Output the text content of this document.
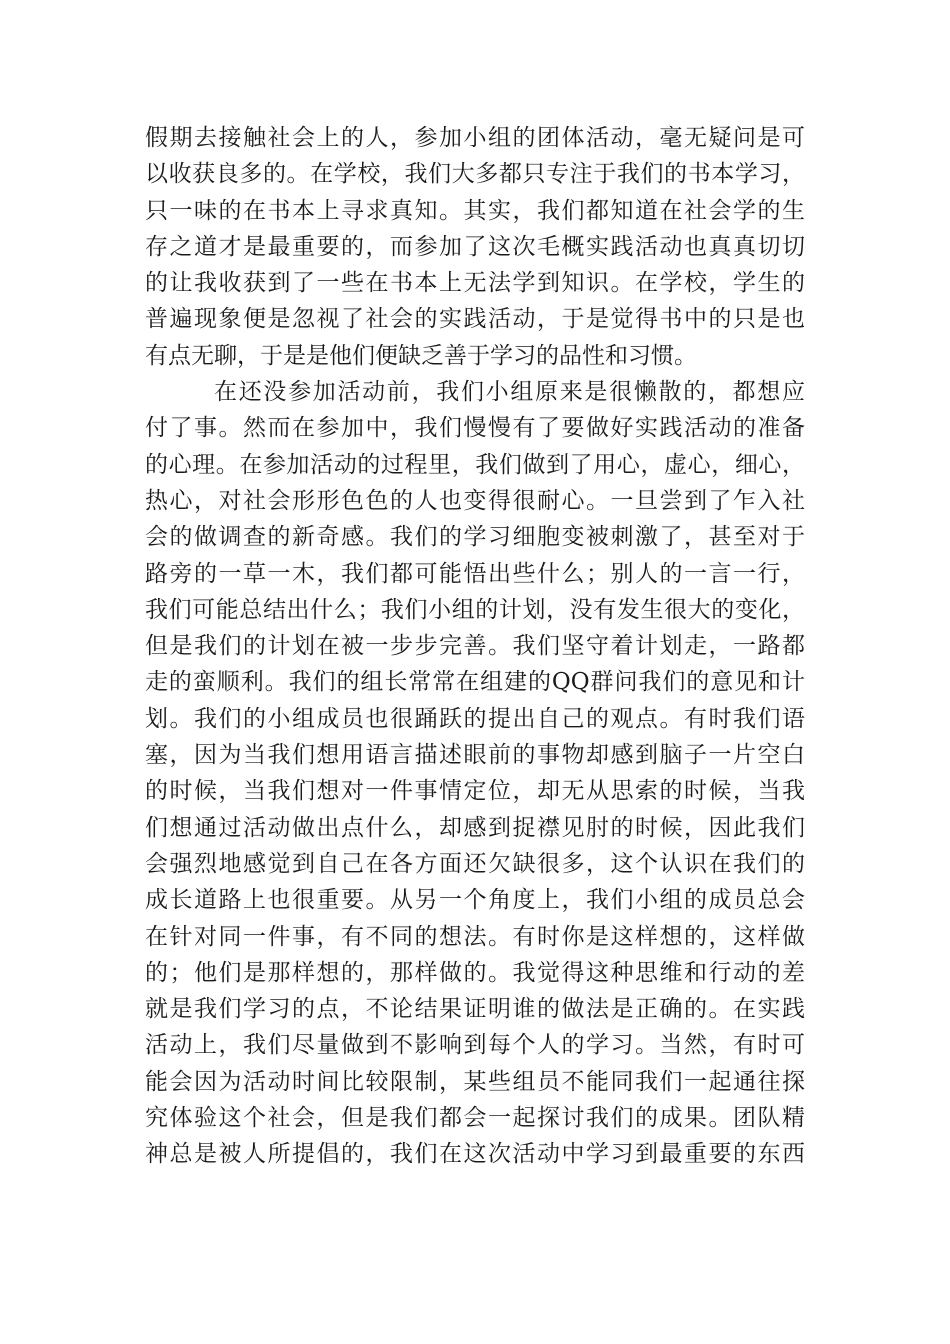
假期去接触社会上的人，参加小组的团体活动，毫无疑问是可
以收获良多的。在学校，我们大多都只专注于我们的书本学习，
只一味的在书本上寻求真知。其实，我们都知道在社会学的生
存之道才是最重要的，而参加了这次毛概实践活动也真真切切
的让我收获到了一些在书本上无法学到知识。在学校，学生的
普遍现象便是忽视了社会的实践活动，于是觉得书中的只是也
有点无聊，于是是他们便缺乏善于学习的品性和习惯。
在还没参加活动前，我们小组原来是很懒散的，都想应
付了事。然而在参加中，我们慢慢有了要做好实践活动的准备
的心理。在参加活动的过程里，我们做到了用心，虚心，细心，
热心，对社会形形色色的人也变得很耐心。一旦尝到了乍入社
会的做调查的新奇感。我们的学习细胞变被刺激了，甚至对于
路旁的一草一木，我们都可能悟出些什么；别人的一言一行，
我们可能总结出什么；我们小组的计划，没有发生很大的变化，
但是我们的计划在被一步步完善。我们坚守着计划走，一路都
走的蛮顺利。我们的组长常常在组建的QQ群问我们的意见和计
划。我们的小组成员也很踊跃的提出自己的观点。有时我们语
塞，因为当我们想用语言描述眼前的事物却感到脑子一片空白
的时候，当我们想对一件事情定位，却无从思索的时候，当我
们想通过活动做出点什么，却感到捉襟见肘的时候，因此我们
会强烈地感觉到自己在各方面还欠缺很多，这个认识在我们的
成长道路上也很重要。从另一个角度上，我们小组的成员总会
在针对同一件事，有不同的想法。有时你是这样想的，这样做
的；他们是那样想的，那样做的。我觉得这种思维和行动的差
就是我们学习的点，不论结果证明谁的做法是正确的。在实践
活动上，我们尽量做到不影响到每个人的学习。当然，有时可
能会因为活动时间比较限制，某些组员不能同我们一起通往探
究体验这个社会，但是我们都会一起探讨我们的成果。团队精
神总是被人所提倡的，我们在这次活动中学习到最重要的东西
